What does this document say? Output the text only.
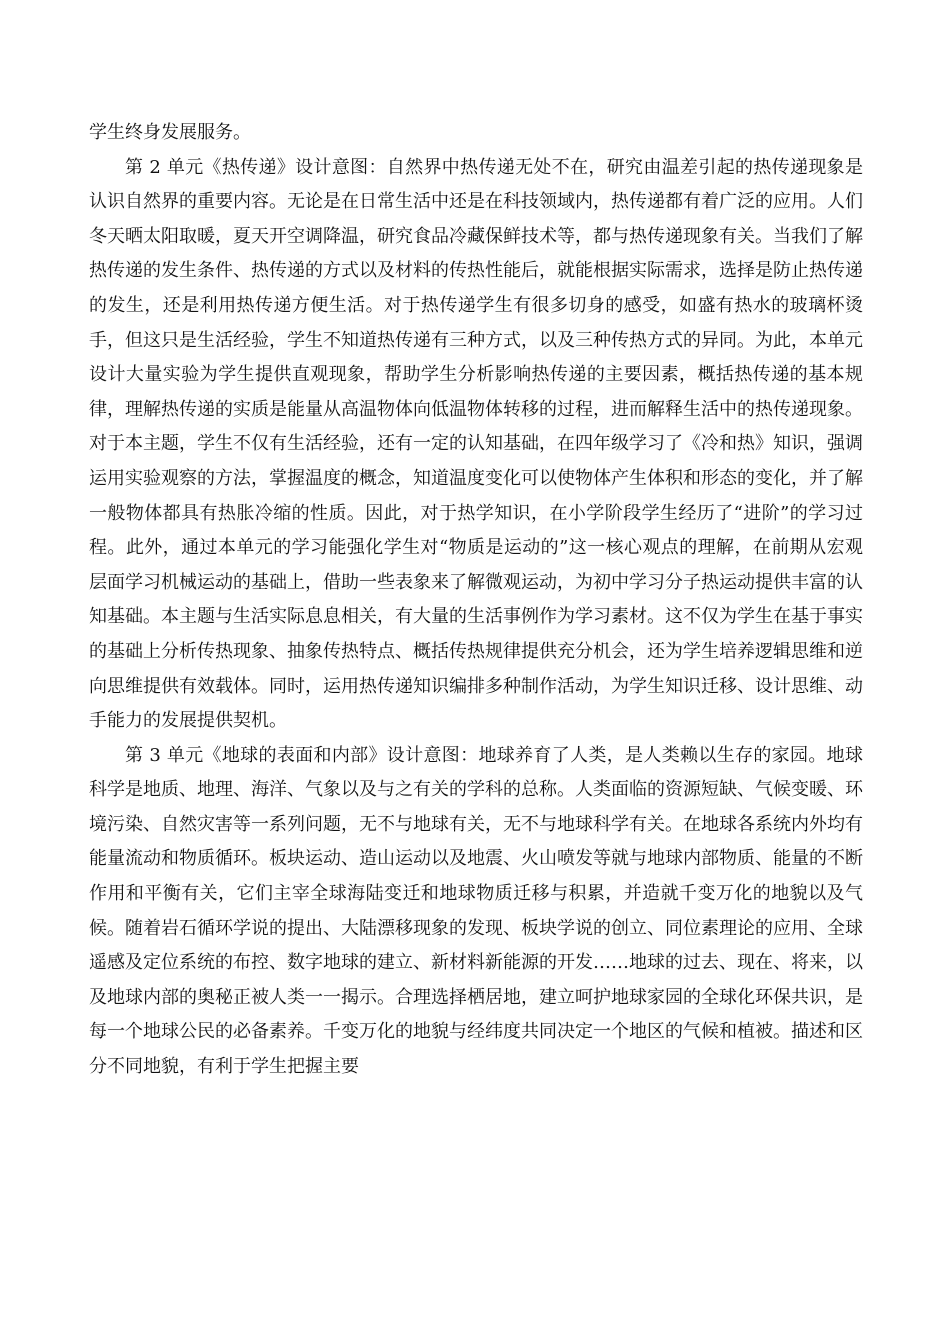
学生终身发展服务。

第 2 单元《热传递》设计意图：自然界中热传递无处不在，研究由温差引起的热传递现象是认识自然界的重要内容。无论是在日常生活中还是在科技领域内，热传递都有着广泛的应用。人们冬天晒太阳取暖，夏天开空调降温，研究食品冷藏保鲜技术等，都与热传递现象有关。当我们了解热传递的发生条件、热传递的方式以及材料的传热性能后，就能根据实际需求，选择是防止热传递的发生，还是利用热传递方便生活。对于热传递学生有很多切身的感受，如盛有热水的玻璃杯烫手，但这只是生活经验，学生不知道热传递有三种方式，以及三种传热方式的异同。为此，本单元设计大量实验为学生提供直观现象，帮助学生分析影响热传递的主要因素，概括热传递的基本规律，理解热传递的实质是能量从高温物体向低温物体转移的过程，进而解释生活中的热传递现象。对于本主题，学生不仅有生活经验，还有一定的认知基础，在四年级学习了《冷和热》知识，强调运用实验观察的方法，掌握温度的概念，知道温度变化可以使物体产生体积和形态的变化，并了解一般物体都具有热胀冷缩的性质。因此，对于热学知识，在小学阶段学生经历了“进阶”的学习过程。此外，通过本单元的学习能强化学生对“物质是运动的”这一核心观点的理解，在前期从宏观层面学习机械运动的基础上，借助一些表象来了解微观运动，为初中学习分子热运动提供丰富的认知基础。本主题与生活实际息息相关，有大量的生活事例作为学习素材。这不仅为学生在基于事实的基础上分析传热现象、抽象传热特点、概括传热规律提供充分机会，还为学生培养逻辑思维和逆向思维提供有效载体。同时，运用热传递知识编排多种制作活动，为学生知识迁移、设计思维、动手能力的发展提供契机。

第 3 单元《地球的表面和内部》设计意图：地球养育了人类，是人类赖以生存的家园。地球科学是地质、地理、海洋、气象以及与之有关的学科的总称。人类面临的资源短缺、气候变暖、环境污染、自然灾害等一系列问题，无不与地球有关，无不与地球科学有关。在地球各系统内外均有能量流动和物质循环。板块运动、造山运动以及地震、火山喷发等就与地球内部物质、能量的不断作用和平衡有关，它们主宰全球海陆变迁和地球物质迁移与积累，并造就千变万化的地貌以及气候。随着岩石循环学说的提出、大陆漂移现象的发现、板块学说的创立、同位素理论的应用、全球遥感及定位系统的布控、数字地球的建立、新材料新能源的开发……地球的过去、现在、将来，以及地球内部的奥秘正被人类一一揭示。合理选择栖居地，建立呵护地球家园的全球化环保共识，是每一个地球公民的必备素养。千变万化的地貌与经纬度共同决定一个地区的气候和植被。描述和区分不同地貌，有利于学生把握主要
